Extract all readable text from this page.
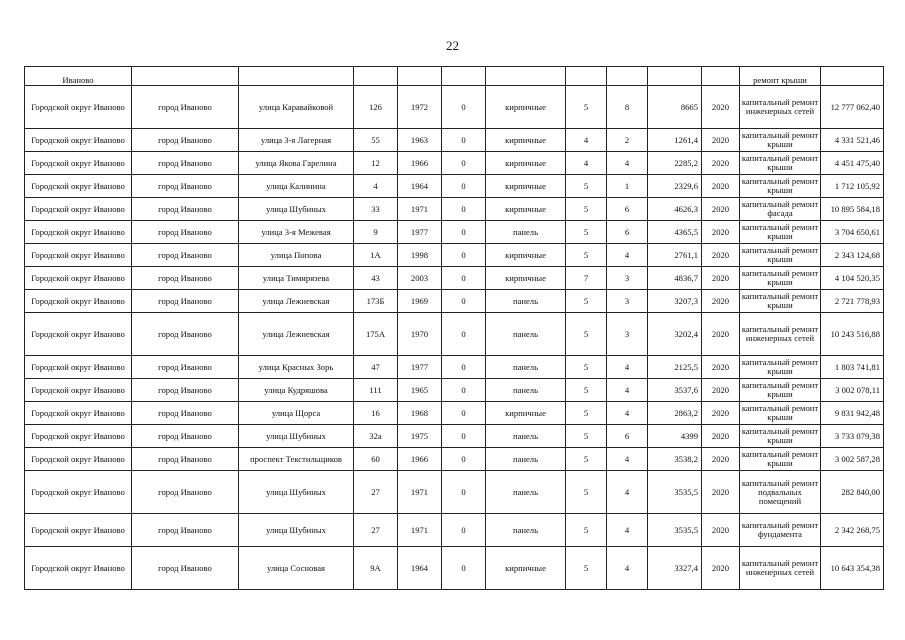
22
Иваново											ремонт крыши	
Городской округ Иваново	город Иваново	улица Каравайковой	126	1972	0	кирпичные	5	8	8665	2020	капитальный ремонт инженерных сетей	12 777 062,40
Городской округ Иваново	город Иваново	улица 3-я Лагерная	55	1963	0	кирпичные	4	2	1261,4	2020	капитальный ремонт крыши	4 331 521,46
Городской округ Иваново	город Иваново	улица Якова Гарелина	12	1966	0	кирпичные	4	4	2285,2	2020	капитальный ремонт крыши	4 451 475,40
Городской округ Иваново	город Иваново	улица Калинина	4	1964	0	кирпичные	5	1	2329,6	2020	капитальный ремонт крыши	1 712 105,92
Городской округ Иваново	город Иваново	улица Шубиных	33	1971	0	кирпичные	5	6	4626,3	2020	капитальный ремонт фасада	10 895 584,18
Городской округ Иваново	город Иваново	улица 3-я Межевая	9	1977	0	панель	5	6	4365,5	2020	капитальный ремонт крыши	3 704 650,61
Городской округ Иваново	город Иваново	улица Попова	1А	1998	0	кирпичные	5	4	2761,1	2020	капитальный ремонт крыши	2 343 124,68
Городской округ Иваново	город Иваново	улица Тимирязева	43	2003	0	кирпичные	7	3	4836,7	2020	капитальный ремонт крыши	4 104 520,35
Городской округ Иваново	город Иваново	улица Лежневская	173Б	1969	0	панель	5	3	3207,3	2020	капитальный ремонт крыши	2 721 778,93
Городской округ Иваново	город Иваново	улица Лежневская	175А	1970	0	панель	5	3	3202,4	2020	капитальный ремонт инженерных сетей	10 243 516,88
Городской округ Иваново	город Иваново	улица Красных Зорь	47	1977	0	панель	5	4	2125,5	2020	капитальный ремонт крыши	1 803 741,81
Городской округ Иваново	город Иваново	улица Кудряшова	111	1965	0	панель	5	4	3537,6	2020	капитальный ремонт крыши	3 002 078,11
Городской округ Иваново	город Иваново	улица Щорса	16	1968	0	кирпичные	5	4	2863,2	2020	капитальный ремонт крыши	9 831 942,48
Городской округ Иваново	город Иваново	улица Шубиных	32а	1975	0	панель	5	6	4399	2020	капитальный ремонт крыши	3 733 079,38
Городской округ Иваново	город Иваново	проспект Текстильщиков	60	1966	0	панель	5	4	3538,2	2020	капитальный ремонт крыши	3 002 587,28
Городской округ Иваново	город Иваново	улица Шубиных	27	1971	0	панель	5	4	3535,5	2020	капитальный ремонт подвальных помещений	282 840,00
Городской округ Иваново	город Иваново	улица Шубиных	27	1971	0	панель	5	4	3535,5	2020	капитальный ремонт фундамента	2 342 268,75
Городской округ Иваново	город Иваново	улица Сосновая	9А	1964	0	кирпичные	5	4	3327,4	2020	капитальный ремонт инженерных сетей	10 643 354,38
